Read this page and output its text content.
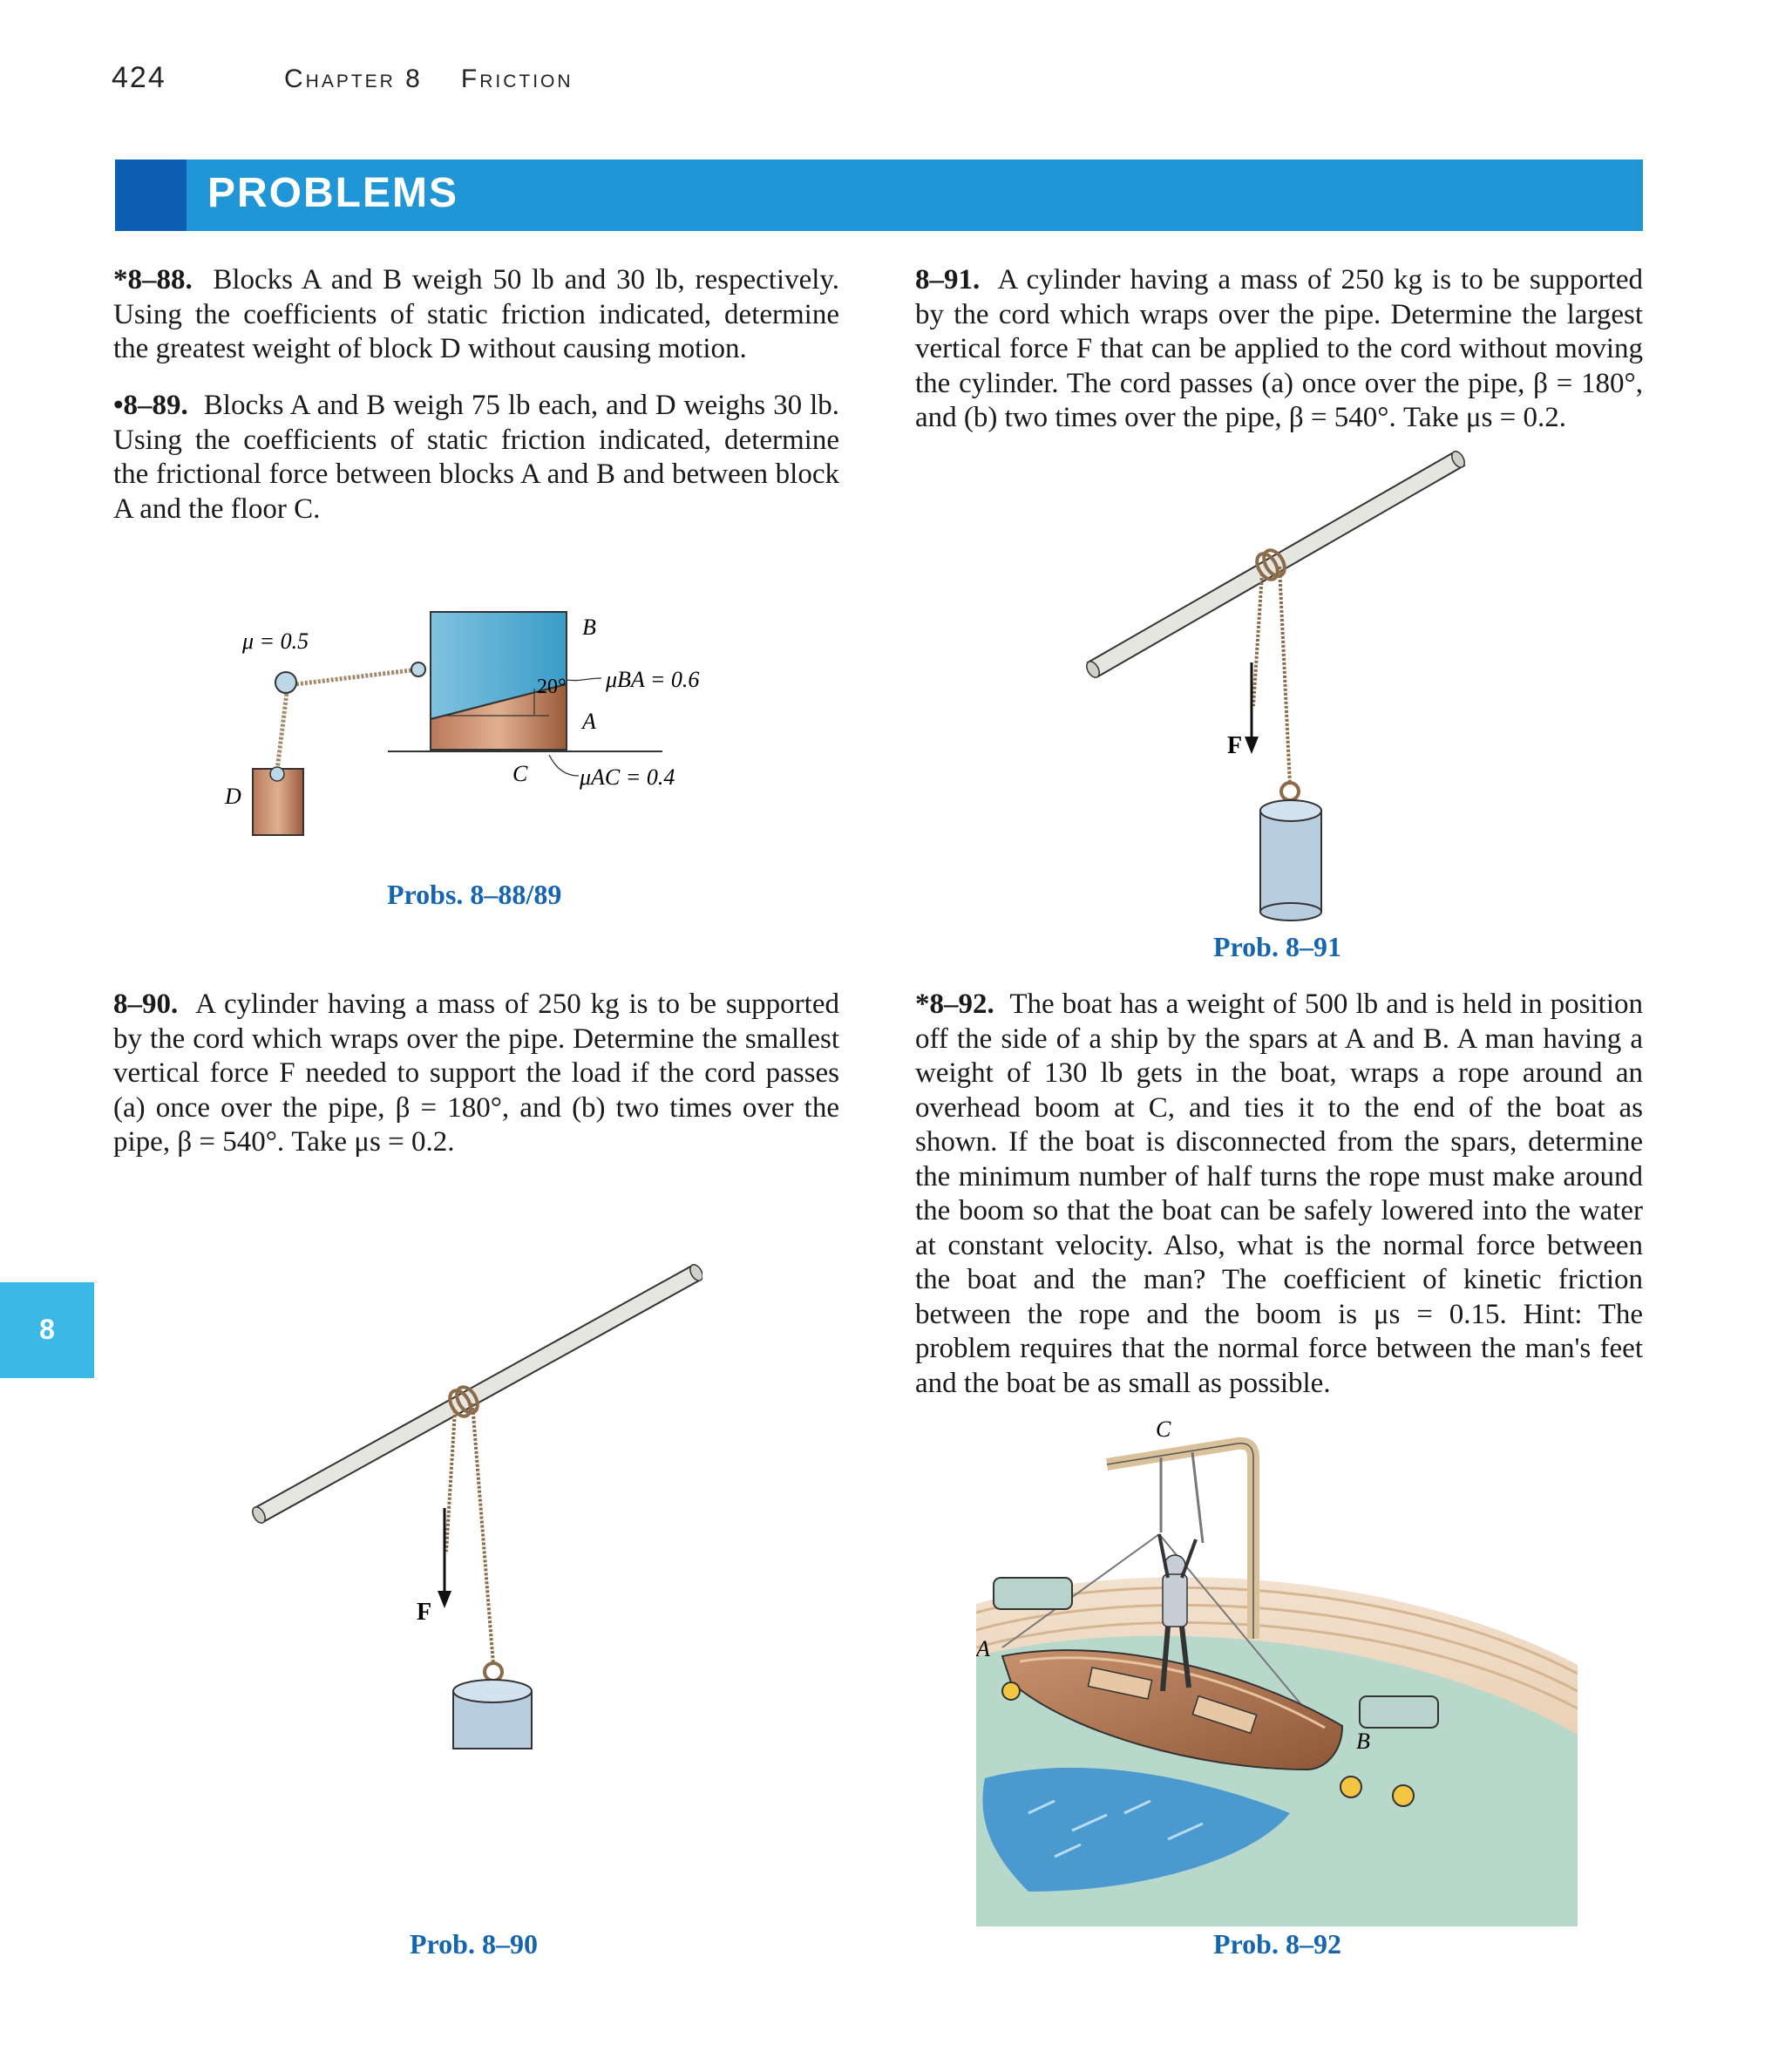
424	Chapter 8 Friction
PROBLEMS
*8–88. Blocks A and B weigh 50 lb and 30 lb, respectively. Using the coefficients of static friction indicated, determine the greatest weight of block D without causing motion.
•8–89. Blocks A and B weigh 75 lb each, and D weighs 30 lb. Using the coefficients of static friction indicated, determine the frictional force between blocks A and B and between block A and the floor C.
8–91. A cylinder having a mass of 250 kg is to be supported by the cord which wraps over the pipe. Determine the largest vertical force F that can be applied to the cord without moving the cylinder. The cord passes (a) once over the pipe, β = 180°, and (b) two times over the pipe, β = 540°. Take μs = 0.2.
8–90. A cylinder having a mass of 250 kg is to be supported by the cord which wraps over the pipe. Determine the smallest vertical force F needed to support the load if the cord passes (a) once over the pipe, β = 180°, and (b) two times over the pipe, β = 540°. Take μs = 0.2.
*8–92. The boat has a weight of 500 lb and is held in position off the side of a ship by the spars at A and B. A man having a weight of 130 lb gets in the boat, wraps a rope around an overhead boom at C, and ties it to the end of the boat as shown. If the boat is disconnected from the spars, determine the minimum number of half turns the rope must make around the boom so that the boat can be safely lowered into the water at constant velocity. Also, what is the normal force between the boat and the man? The coefficient of kinetic friction between the rope and the boom is μs = 0.15. Hint: The problem requires that the normal force between the man's feet and the boat be as small as possible.
8
20°
μ = 0.5
B
A
μBA = 0.6
C μAC = 0.4
D
Probs. 8–88/89
F
Prob. 8–91
F
Prob. 8–90
C
A
B
Prob. 8–92
